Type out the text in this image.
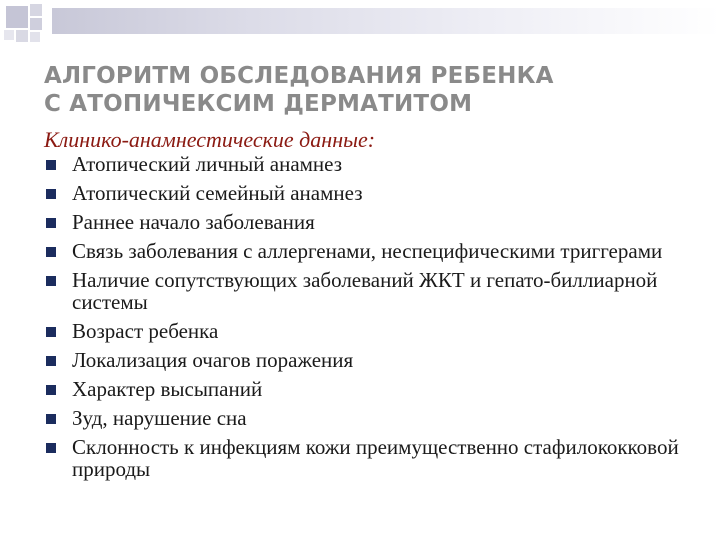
АЛГОРИТМ ОБСЛЕДОВАНИЯ РЕБЕНКА
С АТОПИЧЕКСИМ ДЕРМАТИТОМ
Клинико-анамнестические данные:
Атопический личный анамнез
Атопический семейный анамнез
Раннее начало заболевания
Связь заболевания с аллергенами, неспецифическими триггерами
Наличие сопутствующих заболеваний ЖКТ и гепато-биллиарной системы
Возраст ребенка
Локализация очагов поражения
Характер высыпаний
Зуд, нарушение сна
Склонность к инфекциям кожи преимущественно стафилококковой природы
